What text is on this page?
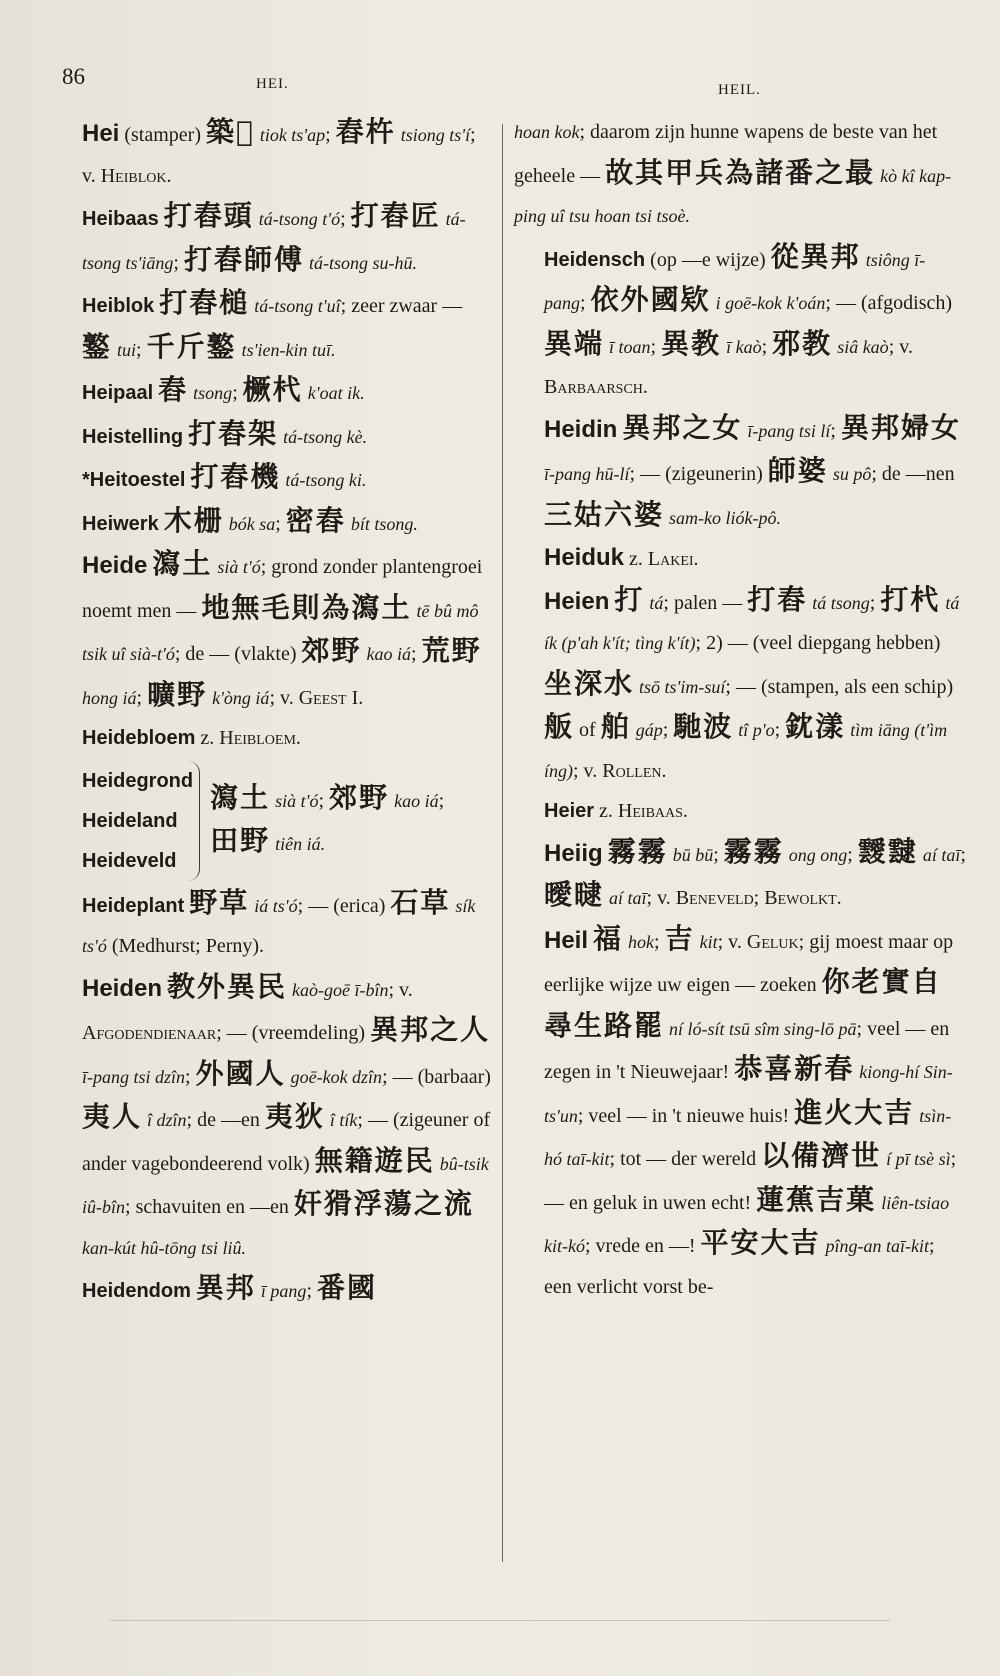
86	HEI.	HEIL.

Hei (stamper) 築𣒙 tiok ts'ap; 舂杵 tsiong ts'í; v. Heiblok.

Heibaas 打舂頭 tá-tsong t'ó; 打舂匠 tá-tsong ts'iāng; 打舂師傅 tá-tsong su-hū.

Heiblok 打舂槌 tá-tsong t'uî; zeer zwaar — 鐜 tui; 千斤鐜 ts'ien-kin tuī.

Heipaal 舂 tsong; 橛杙 k'oat ik.

Heistelling 打舂架 tá-tsong kè.

*Heitoestel 打舂機 tá-tsong ki.

Heiwerk 木栅 bók sa; 密舂 bít tsong.

Heide 瀉土 sià t'ó; grond zonder plantengroei noemt men — 地無毛則為瀉土 tē bû mô tsik uî sià-t'ó; de — (vlakte) 郊野 kao iá; 荒野 hong iá; 曠野 k'òng iá; v. Geest I.

Heidebloem z. Heibloem.

Heidegrond
Heideland
Heideveld
瀉土 sià t'ó; 郊野 kao iá; 田野 tiên iá.

Heideplant 野草 iá ts'ó; — (erica) 石草 sík ts'ó (Medhurst; Perny).

Heiden 教外異民 kaò-goē ī-bîn; v. Afgodendienaar; — (vreemdeling) 異邦之人 ī-pang tsi dzîn; 外國人 goē-kok dzîn; — (barbaar) 夷人 î dzîn; de —en 夷狄 î tík; — (zigeuner of ander vagebondeerend volk) 無籍遊民 bû-tsik iû-bîn; schavuiten en —en 奸猾浮蕩之流 kan-kút hû-tōng tsi liû.

Heidendom 異邦 ī pang; 番國

hoan kok; daarom zijn hunne wapens de beste van het geheele — 故其甲兵為諸番之最 kò kî kap-ping uî tsu hoan tsi tsoè.

Heidensch (op —e wijze) 從異邦 tsiông ī-pang; 依外國欵 i goē-kok k'oán; — (afgodisch) 異端 ī toan; 異教 ī kaò; 邪教 siâ kaò; v. Barbaarsch.

Heidin 異邦之女 ī-pang tsi lí; 異邦婦女 ī-pang hū-lí; — (zigeunerin) 師婆 su pô; de —nen 三姑六婆 sam-ko liók-pô.

Heiduk z. Lakei.

Heien 打 tá; palen — 打舂 tá tsong; 打杙 tá ík (p'ah k'ít; tìng k'ít); 2) — (veel diepgang hebben) 坐深水 tsō ts'im-suí; — (stampen, als een schip) 舨 of 舶 gáp; 馳波 tî p'o; 鈂漾 tìm iāng (t'ìm íng); v. Rollen.

Heier z. Heibaas.

Heiig 霧霧 bū bū; 霧霧 ong ong; 靉靆 aí taī; 曖曃 aí taī; v. Beneveld; Bewolkt.

Heil 福 hok; 吉 kit; v. Geluk; gij moest maar op eerlijke wijze uw eigen — zoeken 你老實自尋生路罷 ní ló-sít tsū sîm sing-lō pā; veel — en zegen in 't Nieuwejaar! 恭喜新春 kiong-hí Sin-ts'un; veel — in 't nieuwe huis! 進火大吉 tsìn-hó taī-kit; tot — der wereld 以備濟世 í pī tsè sì; — en geluk in uwen echt! 蓮蕉吉菓 liên-tsiao kit-kó; vrede en —! 平安大吉 pîng-an taī-kit; een verlicht vorst be-
